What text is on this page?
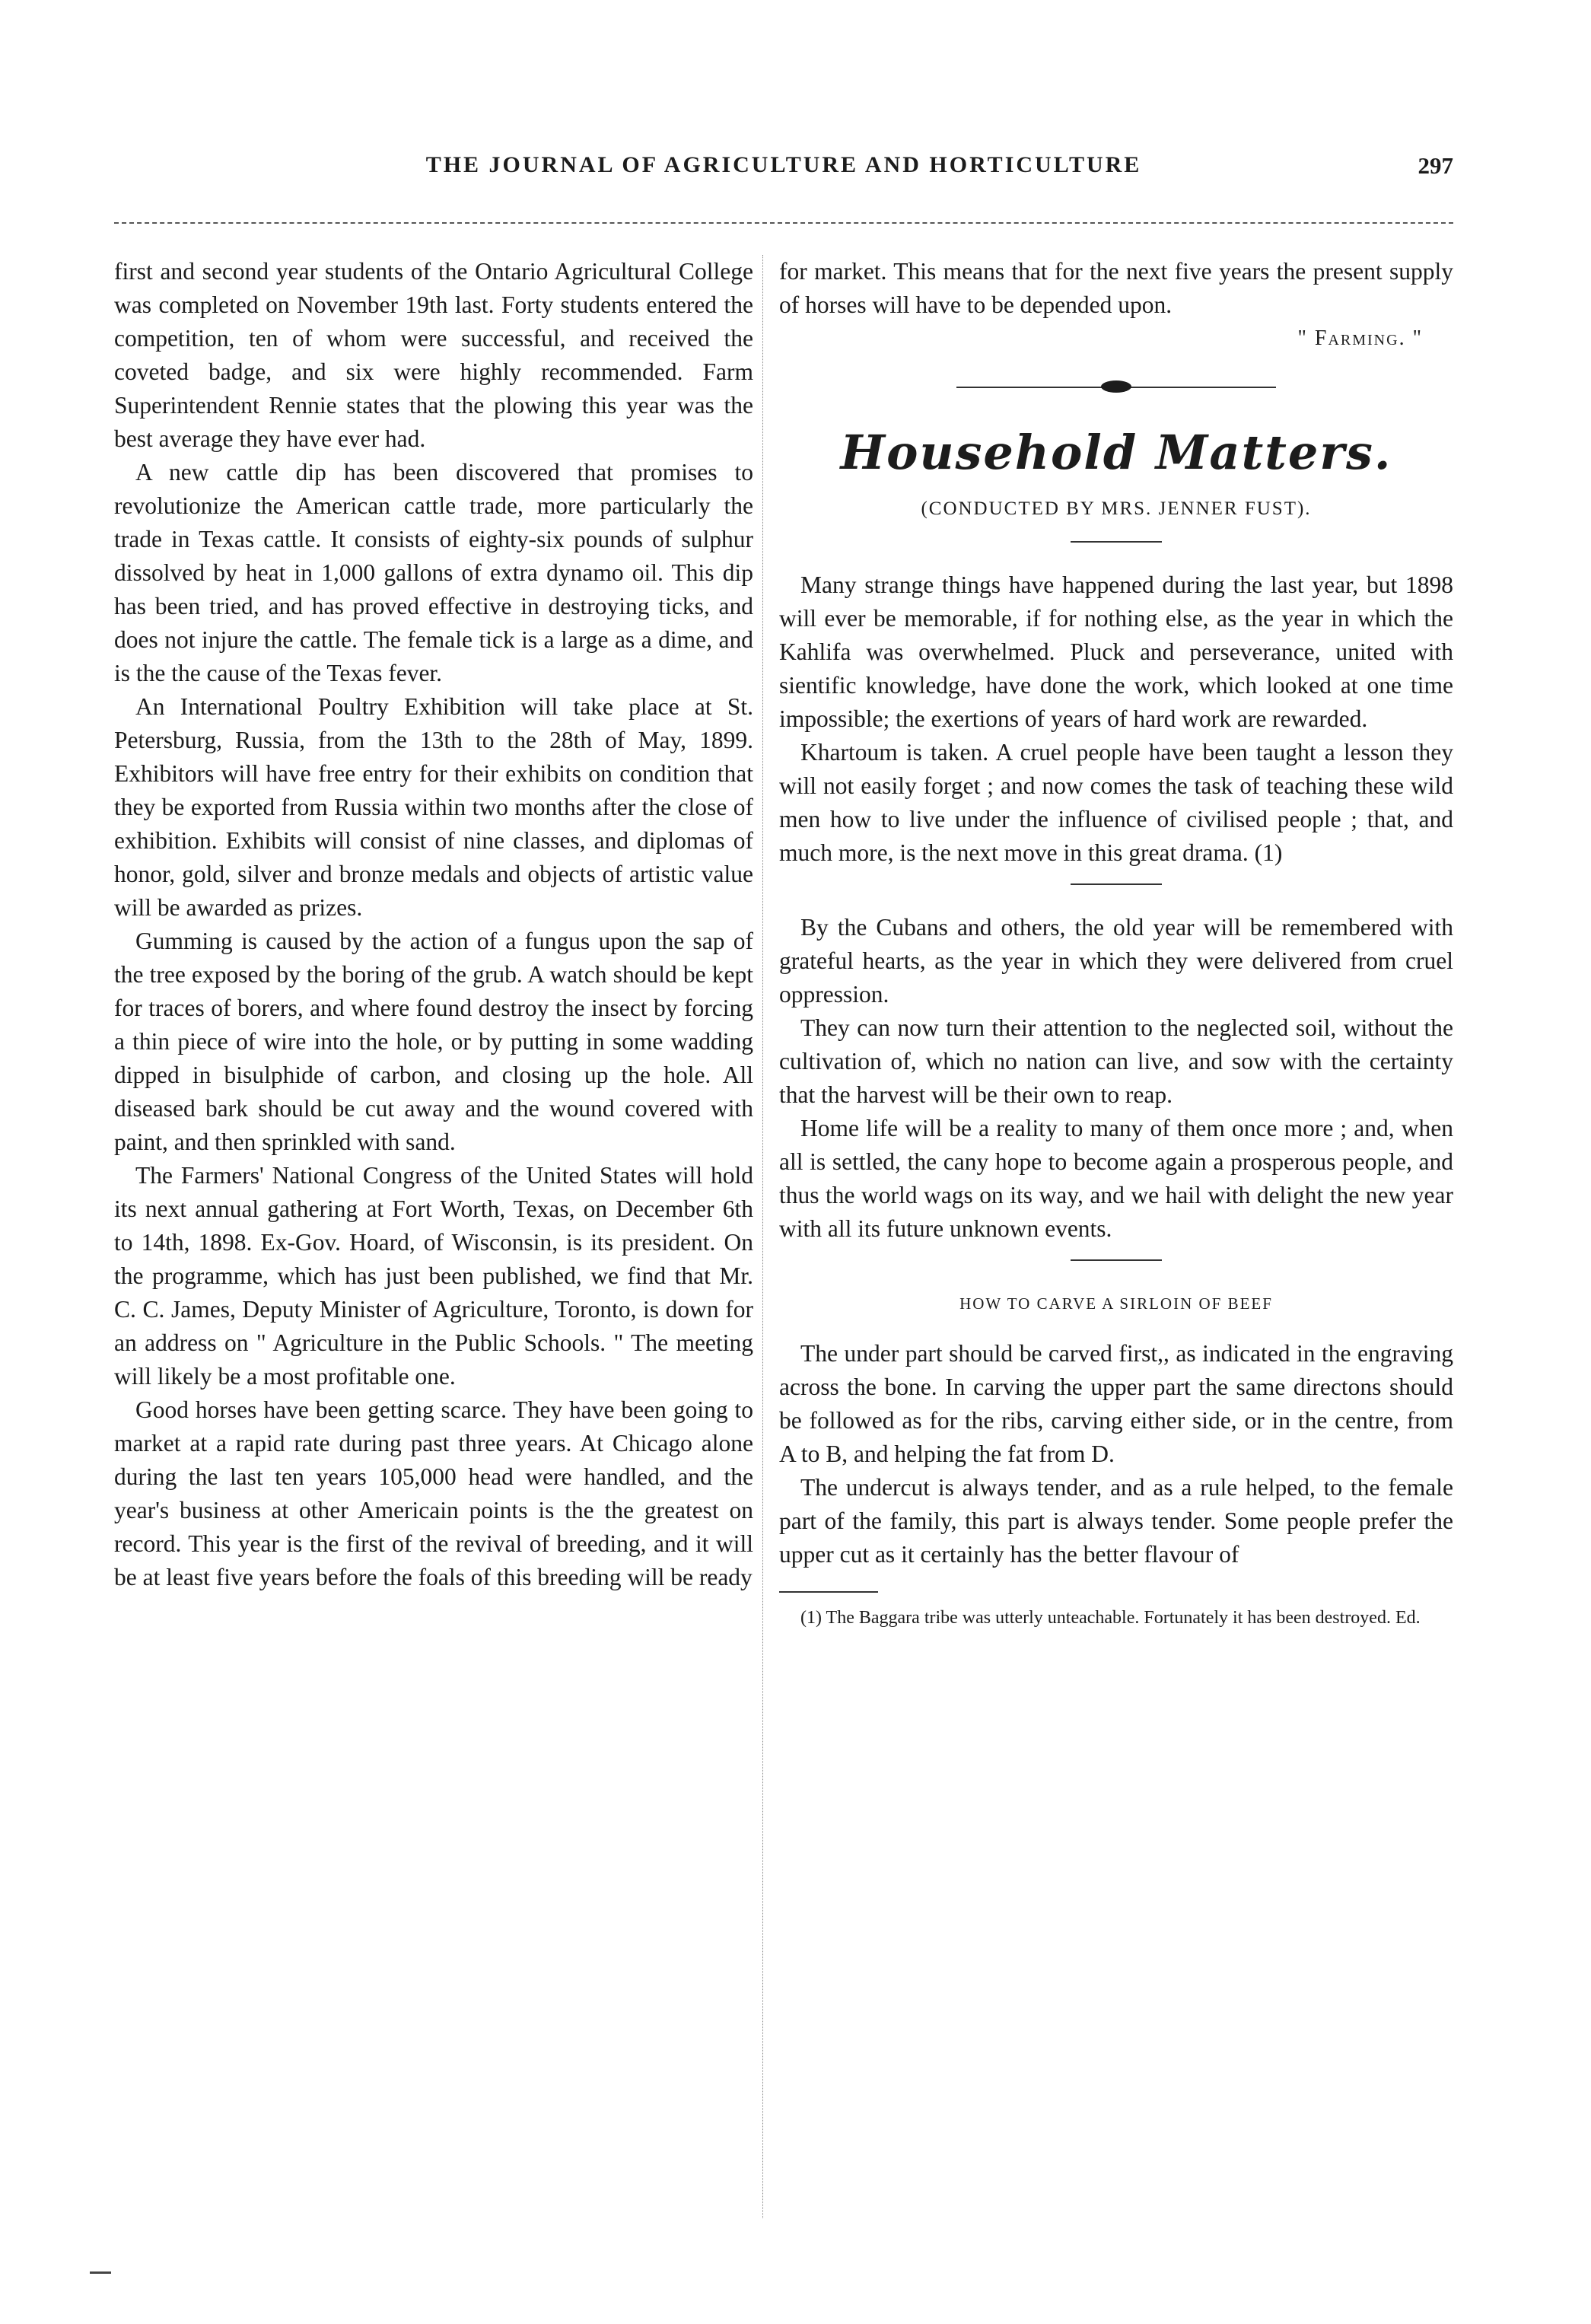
THE JOURNAL OF AGRICULTURE AND HORTICULTURE	297

first and second year students of the Ontario Agricultural College was completed on November 19th last. Forty students entered the competition, ten of whom were successful, and received the coveted badge, and six were highly recommended. Farm Superintendent Rennie states that the plowing this year was the best average they have ever had.

A new cattle dip has been discovered that promises to revolutionize the American cattle trade, more particularly the trade in Texas cattle. It consists of eighty-six pounds of sulphur dissolved by heat in 1,000 gallons of extra dynamo oil. This dip has been tried, and has proved effective in destroying ticks, and does not injure the cattle. The female tick is a large as a dime, and is the the cause of the Texas fever.

An International Poultry Exhibition will take place at St. Petersburg, Russia, from the 13th to the 28th of May, 1899. Exhibitors will have free entry for their exhibits on condition that they be exported from Russia within two months after the close of exhibition. Exhibits will consist of nine classes, and diplomas of honor, gold, silver and bronze medals and objects of artistic value will be awarded as prizes.

Gumming is caused by the action of a fungus upon the sap of the tree exposed by the boring of the grub. A watch should be kept for traces of borers, and where found destroy the insect by forcing a thin piece of wire into the hole, or by putting in some wadding dipped in bisulphide of carbon, and closing up the hole. All diseased bark should be cut away and the wound covered with paint, and then sprinkled with sand.

The Farmers' National Congress of the United States will hold its next annual gathering at Fort Worth, Texas, on December 6th to 14th, 1898. Ex-Gov. Hoard, of Wisconsin, is its president. On the programme, which has just been published, we find that Mr. C. C. James, Deputy Minister of Agriculture, Toronto, is down for an address on " Agriculture in the Public Schools. " The meeting will likely be a most profitable one.

Good horses have been getting scarce. They have been going to market at a rapid rate during past three years. At Chicago alone during the last ten years 105,000 head were handled, and the year's business at other Americain points is the the greatest on record. This year is the first of the revival of breeding, and it will be at least five years before the foals of this breeding will be ready

for market. This means that for the next five years the present supply of horses will have to be depended upon.

" Farming. "
Household Matters.
(CONDUCTED BY MRS. JENNER FUST).

Many strange things have happened during the last year, but 1898 will ever be memorable, if for nothing else, as the year in which the Kahlifa was overwhelmed. Pluck and perseverance, united with sientific knowledge, have done the work, which looked at one time impossible; the exertions of years of hard work are rewarded.

Khartoum is taken. A cruel people have been taught a lesson they will not easily forget ; and now comes the task of teaching these wild men how to live under the influence of civilised people ; that, and much more, is the next move in this great drama. (1)

By the Cubans and others, the old year will be remembered with grateful hearts, as the year in which they were delivered from cruel oppression.

They can now turn their attention to the neglected soil, without the cultivation of, which no nation can live, and sow with the certainty that the harvest will be their own to reap.

Home life will be a reality to many of them once more ; and, when all is settled, the cany hope to become again a prosperous people, and thus the world wags on its way, and we hail with delight the new year with all its future unknown events.

HOW TO CARVE A SIRLOIN OF BEEF

The under part should be carved first,, as indicated in the engraving across the bone. In carving the upper part the same directons should be followed as for the ribs, carving either side, or in the centre, from A to B, and helping the fat from D.

The undercut is always tender, and as a rule helped, to the female part of the family, this part is always tender. Some people prefer the upper cut as it certainly has the better flavour of

(1) The Baggara tribe was utterly unteachable. Fortunately it has been destroyed. Ed.
